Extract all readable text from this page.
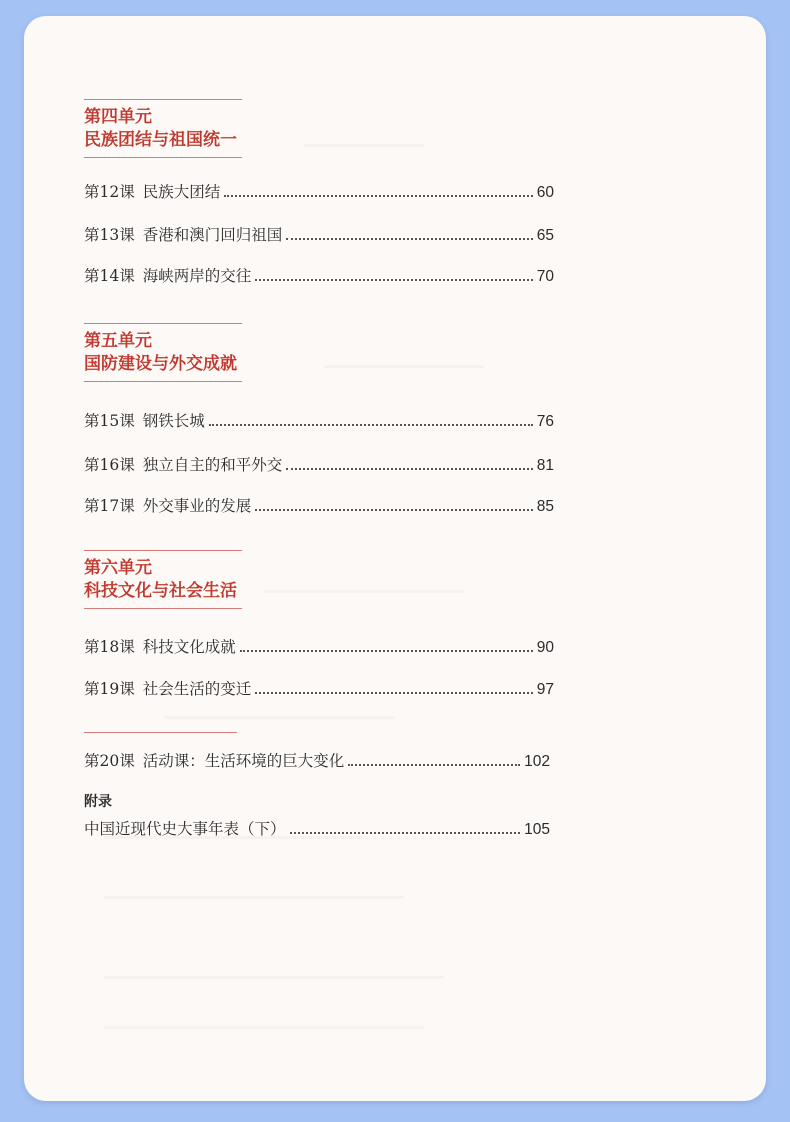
第四单元
民族团结与祖国统一
第12课 民族大团结	60
第13课 香港和澳门回归祖国	65
第14课 海峡两岸的交往	70
第五单元
国防建设与外交成就
第15课 钢铁长城	76
第16课 独立自主的和平外交	81
第17课 外交事业的发展	85
第六单元
科技文化与社会生活
第18课 科技文化成就	90
第19课 社会生活的变迁	97
第20课 活动课：生活环境的巨大变化	102
附录
中国近现代史大事年表（下）	105
